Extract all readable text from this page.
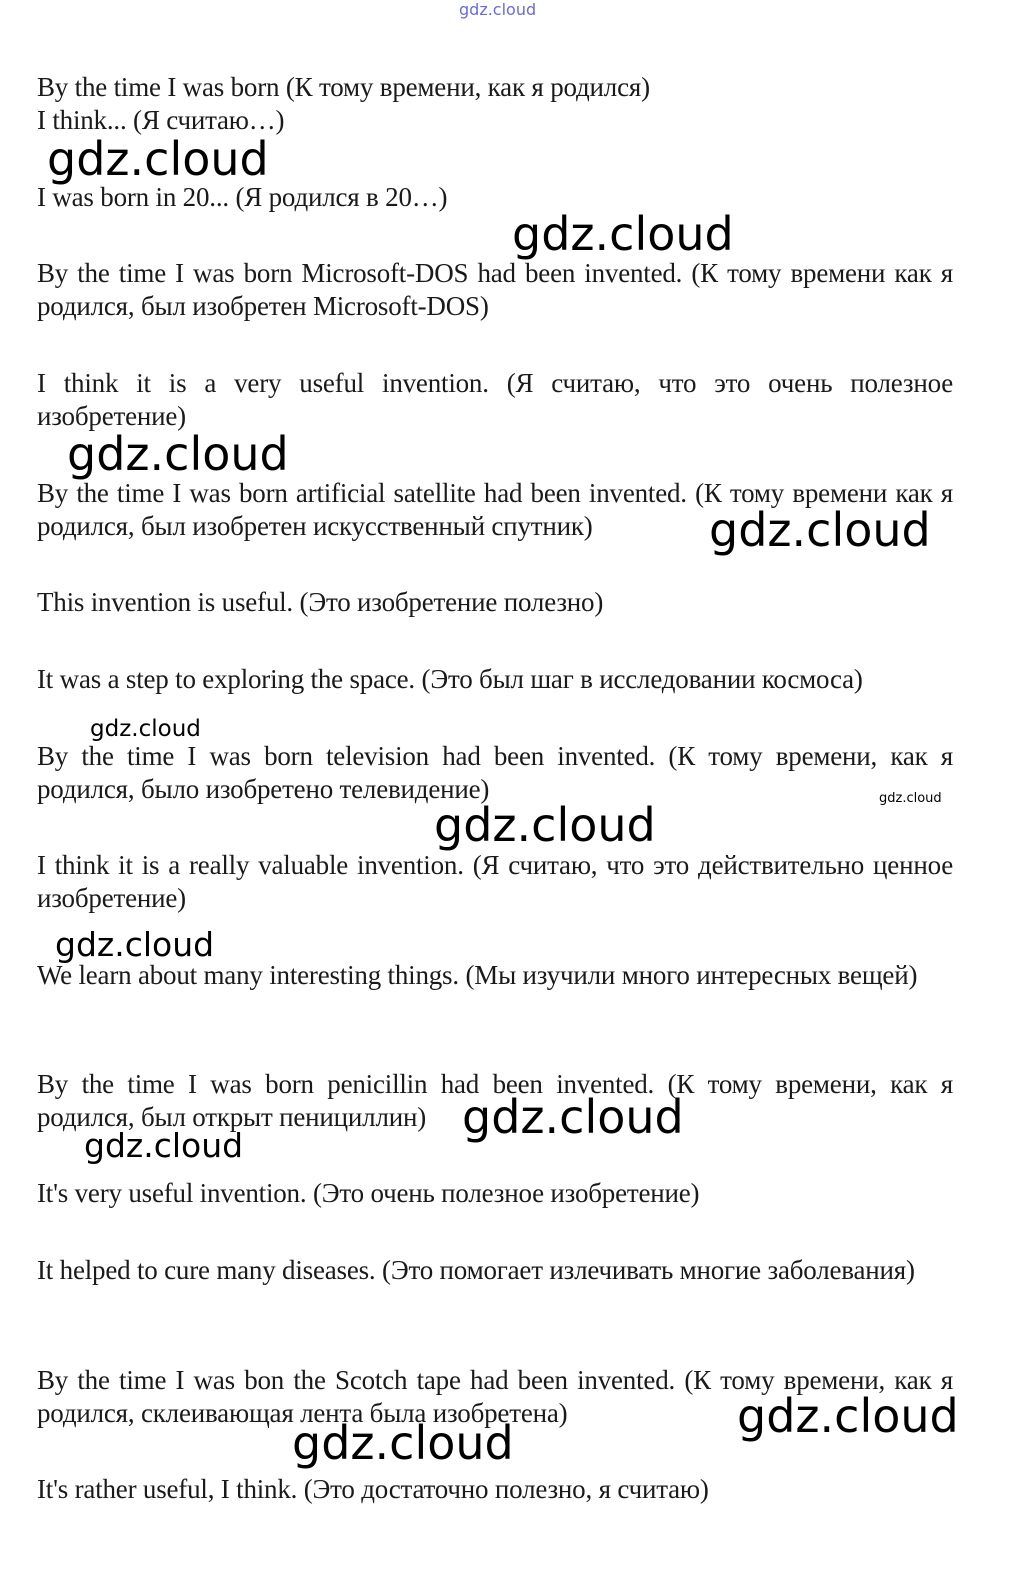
gdz.cloud
By the time I was born (К тому времени, как я родился)
I think... (Я считаю…)
I was born in 20... (Я родился в 20…)
By the time I was born Microsoft-DOS had been invented. (К тому времени как я родился, был изобретен Microsoft-DOS)
I think it is a very useful invention. (Я считаю, что это очень полезное изобретение)
By the time I was born artificial satellite had been invented. (К тому времени как я родился, был изобретен искусственный спутник)
This invention is useful. (Это изобретение полезно)
It was a step to exploring the space. (Это был шаг в исследовании космоса)
By the time I was born television had been invented. (К тому времени, как я родился, было изобретено телевидение)
I think it is a really valuable invention. (Я считаю, что это действительно ценное изобретение)
We learn about many interesting things. (Мы изучили много интересных вещей)
By the time I was born penicillin had been invented. (К тому времени, как я родился, был открыт пенициллин)
It's very useful invention. (Это очень полезное изобретение)
It helped to cure many diseases. (Это помогает излечивать многие заболевания)
By the time I was bon the Scotch tape had been invented. (К тому времени, как я родился, склеивающая лента была изобретена)
It's rather useful, I think. (Это достаточно полезно, я считаю)
gdz.cloud
gdz.cloud
gdz.cloud
gdz.cloud
gdz.cloud
gdz.cloud
gdz.cloud
gdz.cloud
gdz.cloud
gdz.cloud
gdz.cloud
gdz.cloud
